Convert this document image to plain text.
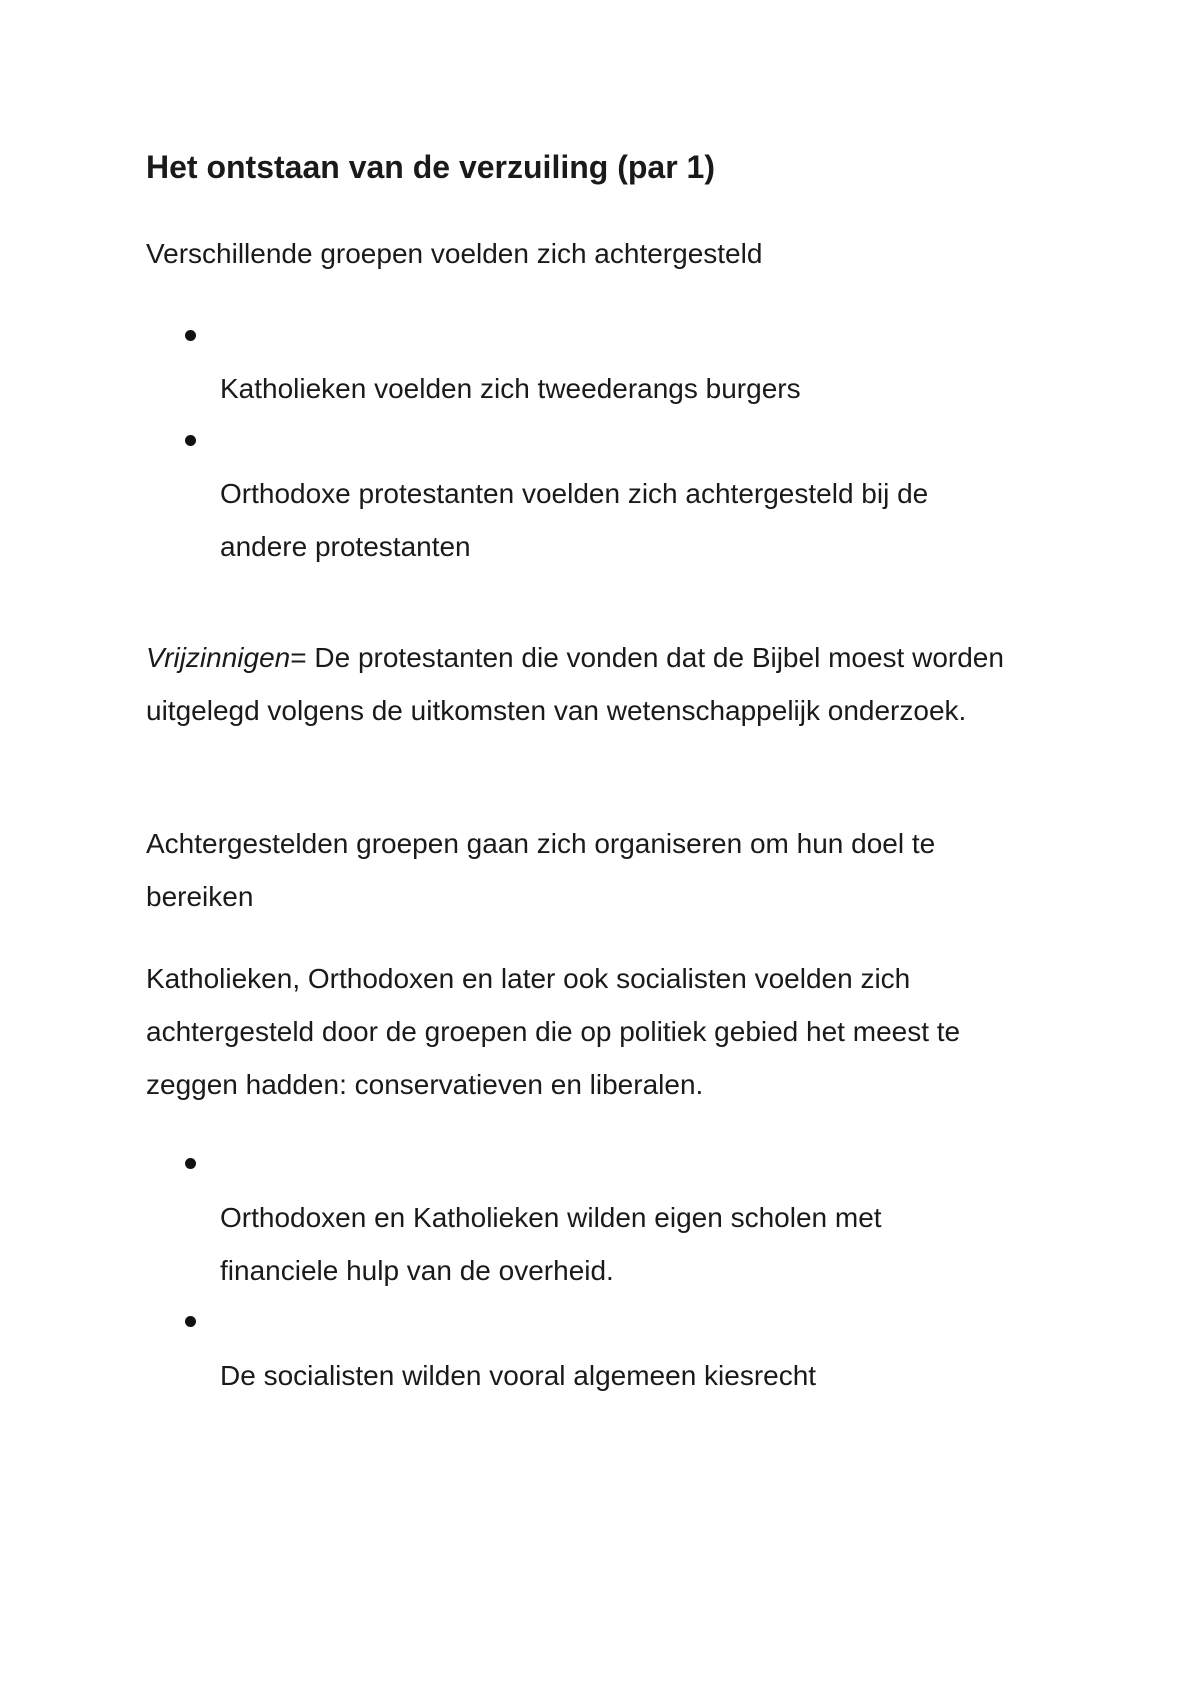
Het ontstaan van de verzuiling (par 1)

Verschillende groepen voelden zich achtergesteld

Katholieken voelden zich tweederangs burgers

Orthodoxe protestanten voelden zich achtergesteld bij de andere protestanten

Vrijzinnigen= De protestanten die vonden dat de Bijbel moest worden uitgelegd volgens de uitkomsten van wetenschappelijk onderzoek.

Achtergestelden groepen gaan zich organiseren om hun doel te bereiken

Katholieken, Orthodoxen en later ook socialisten voelden zich achtergesteld door de groepen die op politiek gebied het meest te zeggen hadden: conservatieven en liberalen.

Orthodoxen en Katholieken wilden eigen scholen met financiele hulp van de overheid.

De socialisten wilden vooral algemeen kiesrecht
